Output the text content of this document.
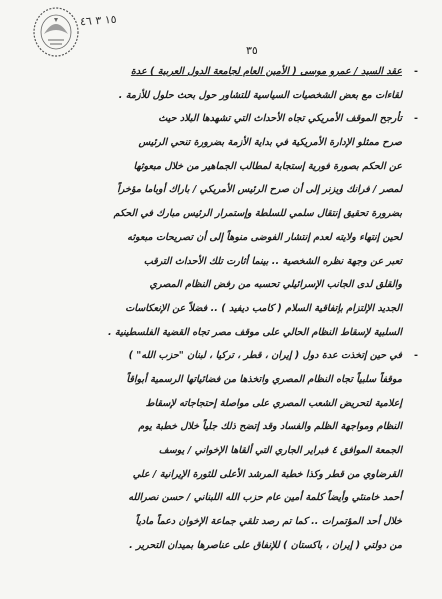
١٥ ٣ ٤٦
٣٥
-
عقد السيد / عمرو موسى ( الأمين العام لجامعة الدول العربية ) عدة
لقاءات مع بعض الشخصيات السياسية للتشاور حول بحث حلول للأزمة .
-
تأرجح الموقف الأمريكي تجاه الأحداث التي تشهدها البلاد حيث
صرح ممثلو الإدارة الأمريكية في بداية الأزمة بضرورة تنحي الرئيس
عن الحكم بصورة فورية إستجابة لمطالب الجماهير من خلال مبعوثها
لمصر / فرانك ويزنر إلى أن صرح الرئيس الأمريكي / باراك أوباما مؤخراً
بضرورة تحقيق إنتقال سلمي للسلطة وإستمرار الرئيس مبارك في الحكم
لحين إنتهاء ولايته لعدم إنتشار الفوضى منوهاً إلى أن تصريحات مبعوثه
تعبر عن وجهة نظره الشخصية .. بينما أثارت تلك الأحداث الترقب
والقلق لدى الجانب الإسرائيلي تحسبه من رفض النظام المصري
الجديد الإلتزام بإتفاقية السلام ( كامب ديفيد ) .. فضلاً عن الإنعكاسات
السلبية لإسقاط النظام الحالي على موقف مصر تجاه القضية الفلسطينية .
-
في حين إتخذت عدة دول ( إيران ، قطر ، تركيا ، لبنان "حزب الله" )
موقفاً سلبياً تجاه النظام المصري واتخذها من فضائياتها الرسمية أبواقاً
إعلامية لتحريض الشعب المصري على مواصلة إحتجاجاته لإسقاط
النظام ومواجهة الظلم والفساد وقد إتضح ذلك جلياً خلال خطبة يوم
الجمعة الموافق ٤ فبراير الجاري التي ألقاها الإخواني / يوسف
القرضاوي من قطر وكذا خطبة المرشد الأعلى للثورة الإيرانية / علي
أحمد خامنئي وأيضاً كلمة أمين عام حزب الله اللبناني / حسن نصرالله
خلال أحد المؤتمرات .. كما تم رصد تلقي جماعة الإخوان دعماً مادياً
من دولتي ( إيران ، باكستان ) للإنفاق على عناصرها بميدان التحرير .
